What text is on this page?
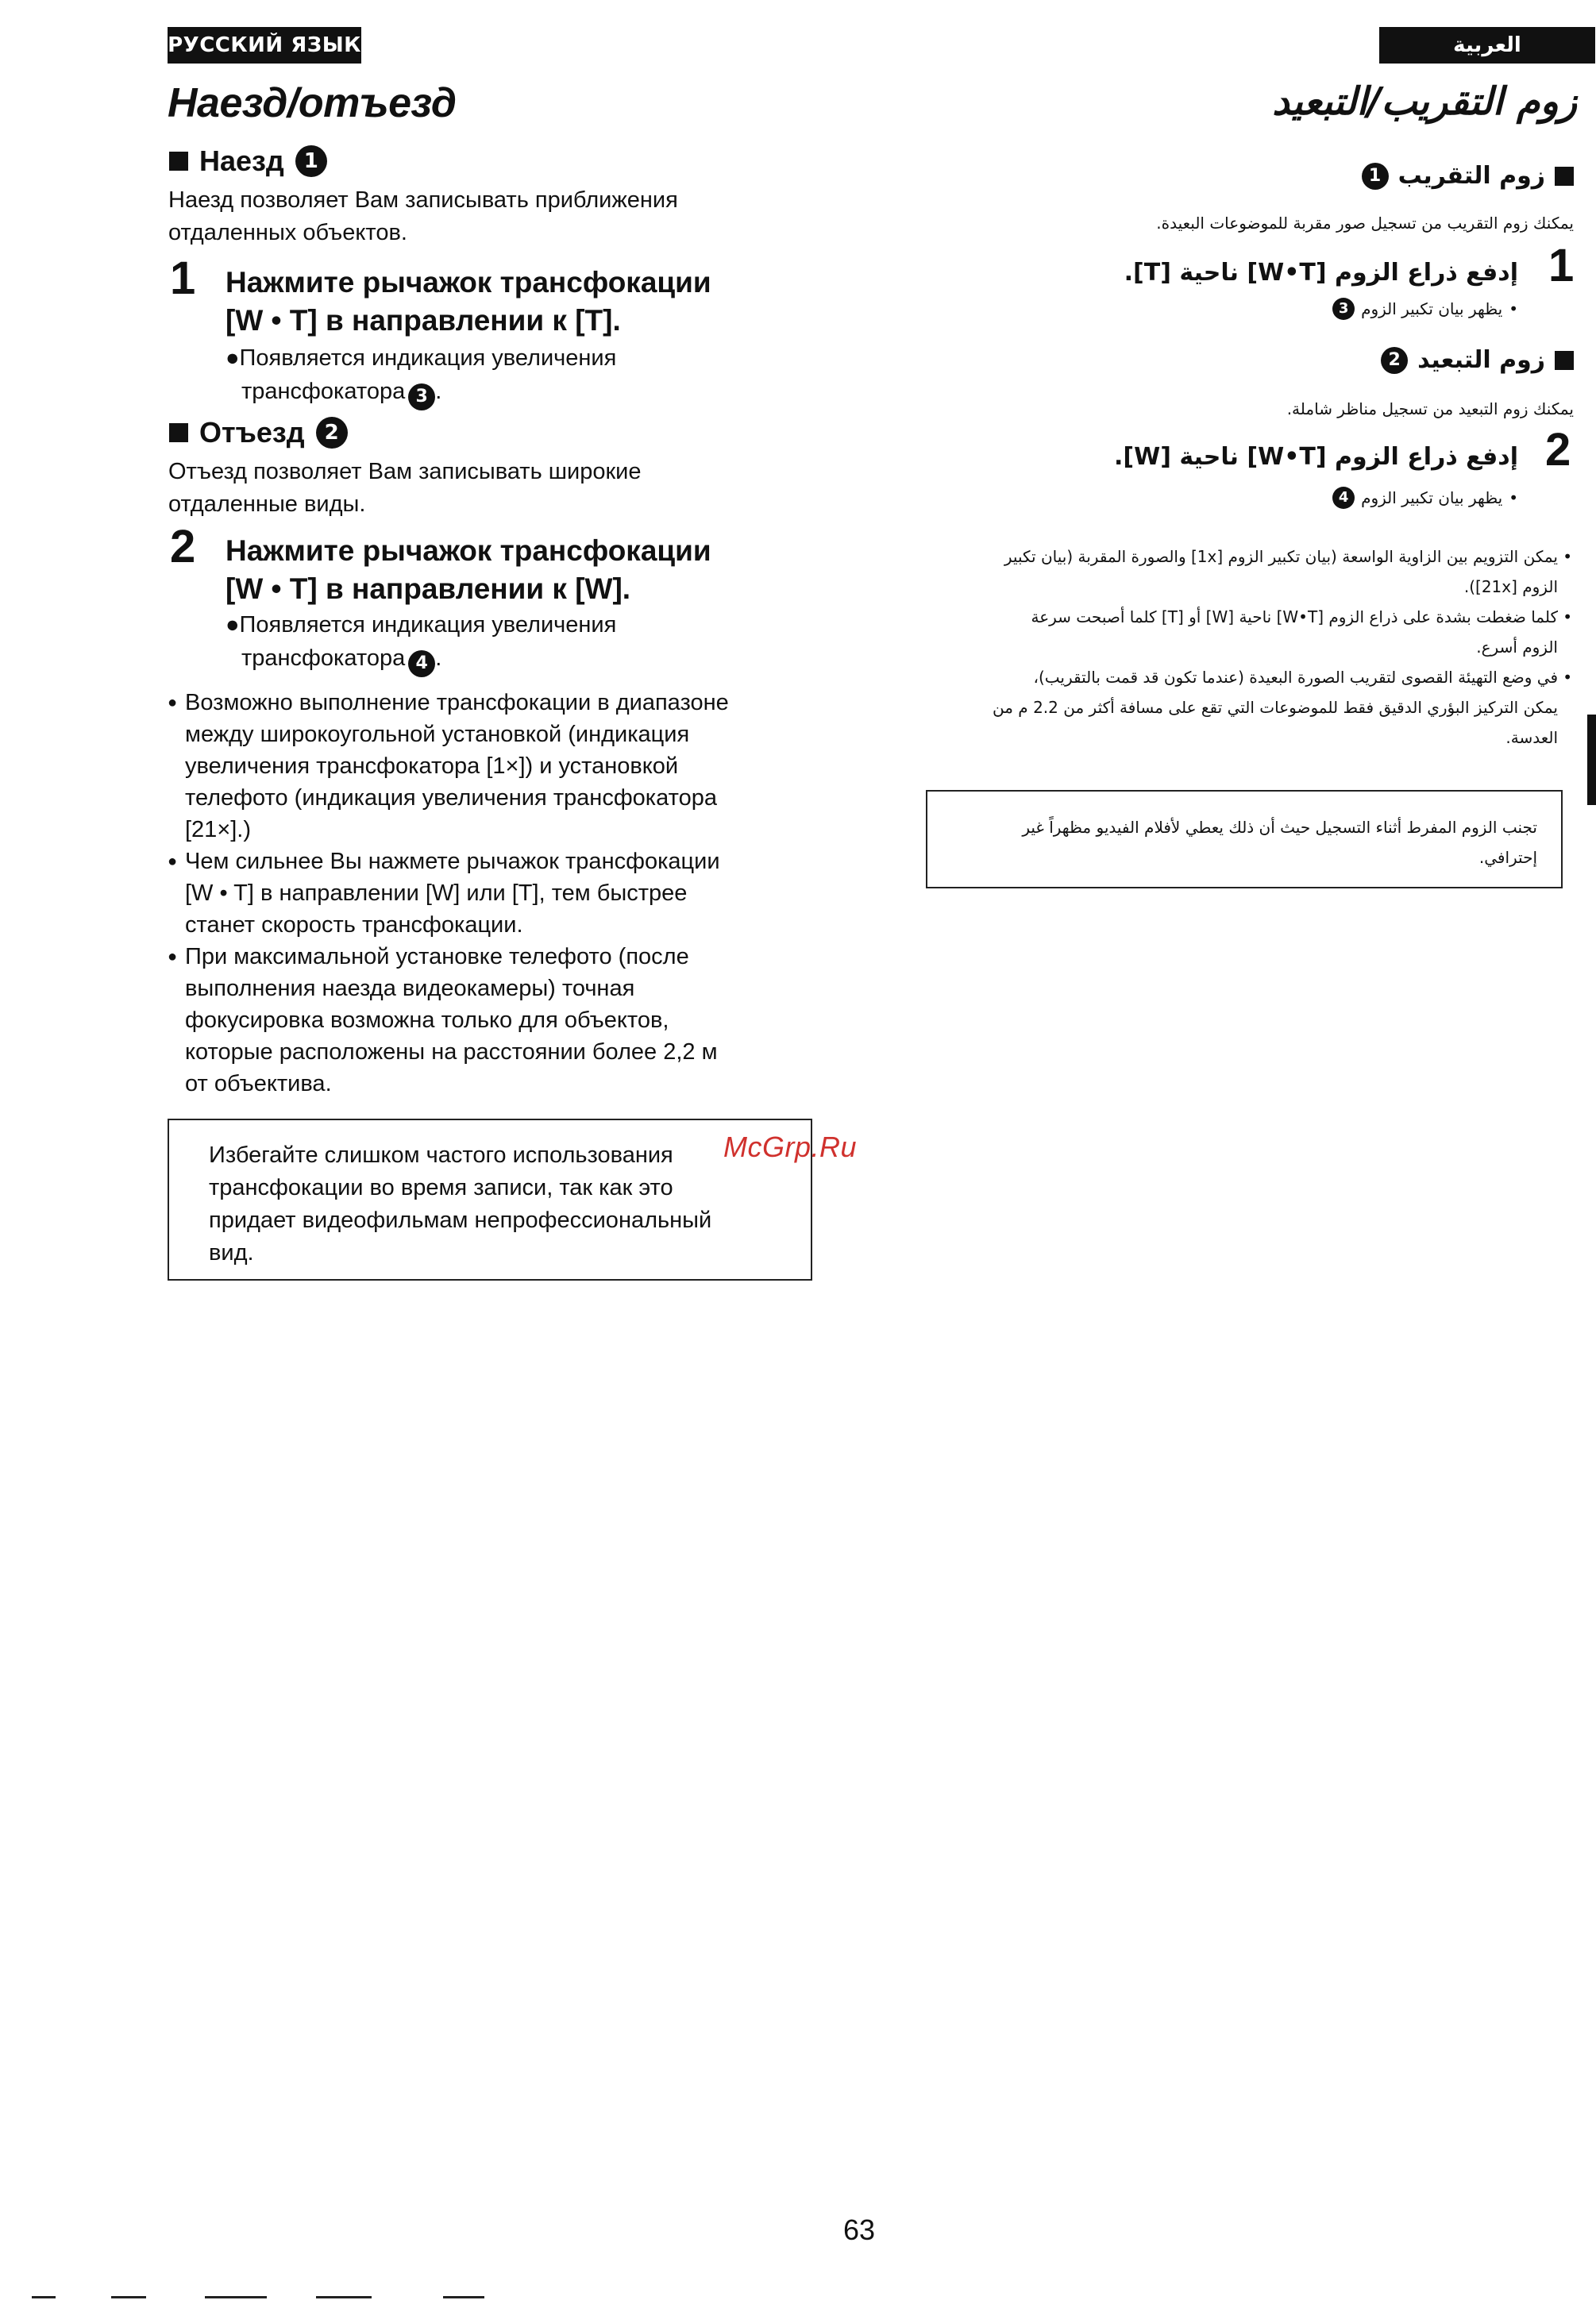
РУССКИЙ ЯЗЫК	العربية
Наезд/отъезд
Наезд 1
Наезд позволяет Вам записывать приближения
отдаленных объектов.
1 Нажмите рычажок трансфокации
[W • T] в направлении к [T].
●Появляется индикация увеличения
трансфокатора 3 .
Отъезд 2
Отъезд позволяет Вам записывать широкие
отдаленные виды.
2 Нажмите рычажок трансфокации
[W • T] в направлении к [W].
●Появляется индикация увеличения
трансфокатора 4 .
● Возможно выполнение трансфокации в диапазоне
между широкоугольной установкой (индикация
увеличения трансфокатора [1×]) и установкой
телефото (индикация увеличения трансфокатора
[21×].)
● Чем сильнее Вы нажмете рычажок трансфокации
[W • T] в направлении [W] или [T], тем быстрее
станет скорость трансфокации.
● При максимальной установке телефото (после
выполнения наезда видеокамеры) точная
фокусировка возможна только для объектов,
которые расположены на расстоянии более 2,2 м
от объектива.
Избегайте слишком частого использования
трансфокации во время записи, так как это
придает видеофильмам непрофессиональный
вид.
McGrp.Ru
زوم التقريب/التبعيد
زوم التقريب
1
يمكنك زوم التقريب من تسجيل صور مقربة للموضوعات البعيدة.
1
إدفع ذراع الزوم [W•T] ناحية [T].
•
يظهر بيان تكبير الزوم
3
زوم التبعيد
2
يمكنك زوم التبعيد من تسجيل مناظر شاملة.
2
إدفع ذراع الزوم [W•T] ناحية [W].
•
يظهر بيان تكبير الزوم
4
• يمكن التزويم بين الزاوية الواسعة (بيان تكبير الزوم [1x] والصورة المقربة (بيان تكبير
الزوم [21x]).
• كلما ضغطت بشدة على ذراع الزوم [W•T] ناحية [W] أو [T] كلما أصبحت سرعة
الزوم أسرع.
• في وضع التهيئة القصوى لتقريب الصورة البعيدة (عندما تكون قد قمت بالتقريب)،
يمكن التركيز البؤري الدقيق فقط للموضوعات التي تقع على مسافة أكثر من 2.2 م من
العدسة.
تجنب الزوم المفرط أثناء التسجيل حيث أن ذلك يعطي لأفلام الفيديو مظهراً غير
إحترافي.
63
